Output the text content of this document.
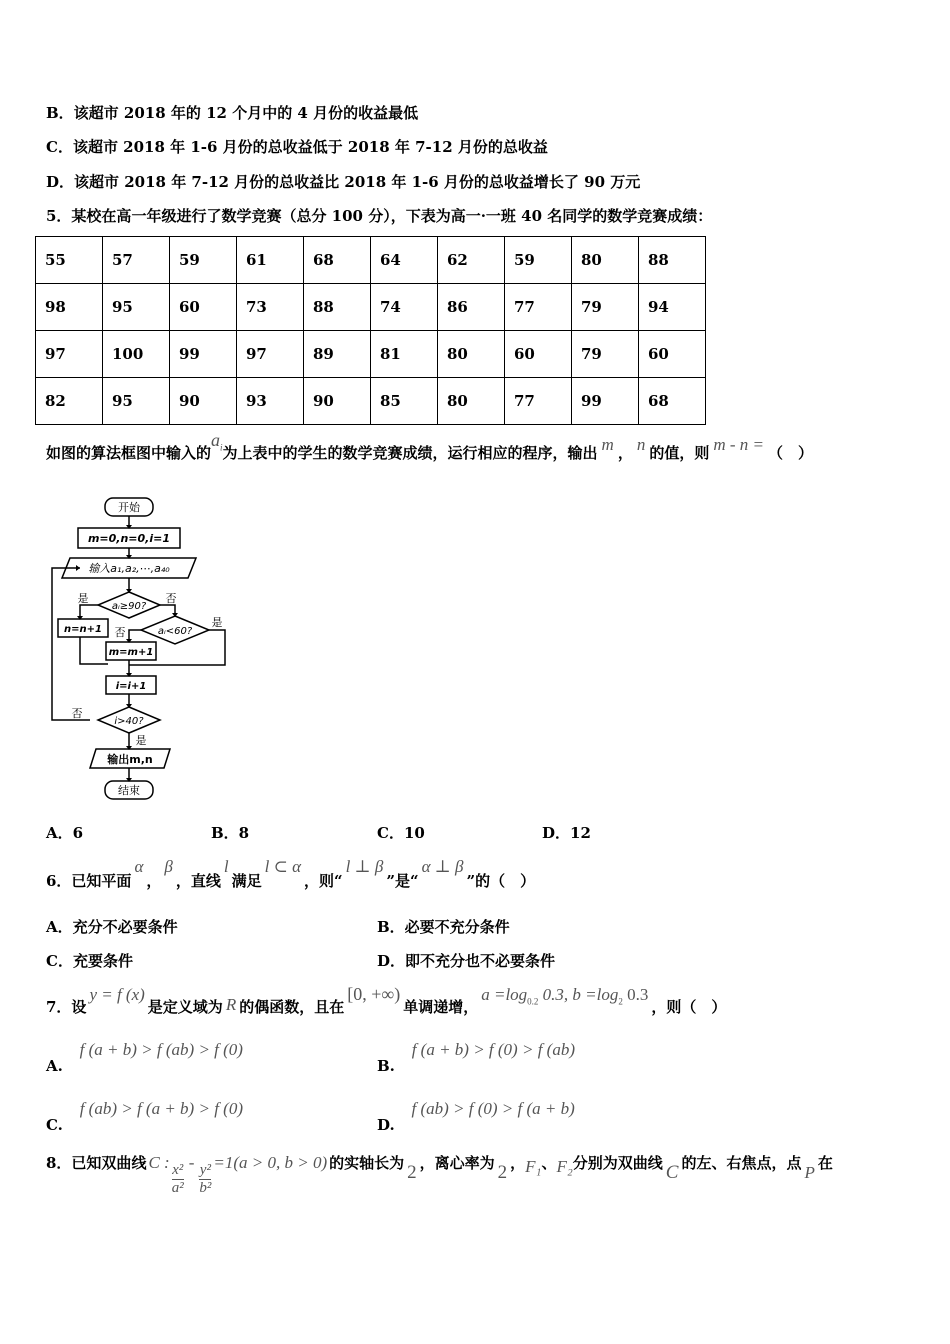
B．该超市 2018 年的 12 个月中的 4 月份的收益最低
C．该超市 2018 年 1-6 月份的总收益低于 2018 年 7-12 月份的总收益
D．该超市 2018 年 7-12 月份的总收益比 2018 年 1-6 月份的总收益增长了 90 万元
5．某校在高一年级进行了数学竞赛（总分 100 分），下表为高一·一班 40 名同学的数学竞赛成绩：
55	57	59	61	68	64	62	59	80	88
98	95	60	73	88	74	86	77	79	94
97	100	99	97	89	81	80	60	79	60
82	95	90	93	90	85	80	77	99	68
如图的算法框图中输入的$a_i$为上表中的学生的数学竞赛成绩，运行相应的程序，输出 m ， n 的值，则 m - n = （　）
开始
m=0,n=0,i=1
输入a₁,a₂,⋯,a₄₀
aᵢ≥90?
是	否
n=n+1	aᵢ<60?
否
是
m=m+1
i=i+1
i>40?
否
是
输出m,n
结束
A．6	B．8	C．10	D．12
6．已知平面α，β，直线l满足l ⊂ α，则“l ⊥ β”是“α ⊥ β”的（　）
A．充分不必要条件	B．必要不充分条件
C．充要条件	D．即不充分也不必要条件
7．设y = f (x)是定义域为 R 的偶函数，且在[0, +∞)单调递增，$a =\log_{0.2}$ 0.3, $b =\log_2$ 0.3，则（　）
A. f (a + b) > f (ab) > f (0)
B. f (a + b) > f (0) > f (ab)
C. f (ab) > f (a + b) > f (0)
D. f (ab) > f (0) > f (a + b)
8．已知双曲线 C : $\frac{\text{x²}}{\text{a²}} - \frac{\text{y²}}{\text{b²}} =1(a > 0$, b > 0) 的实轴长为 2 ，离心率为 2 ，F₁、F₂分别为双曲线 C 的左、右焦点，点 P 在
